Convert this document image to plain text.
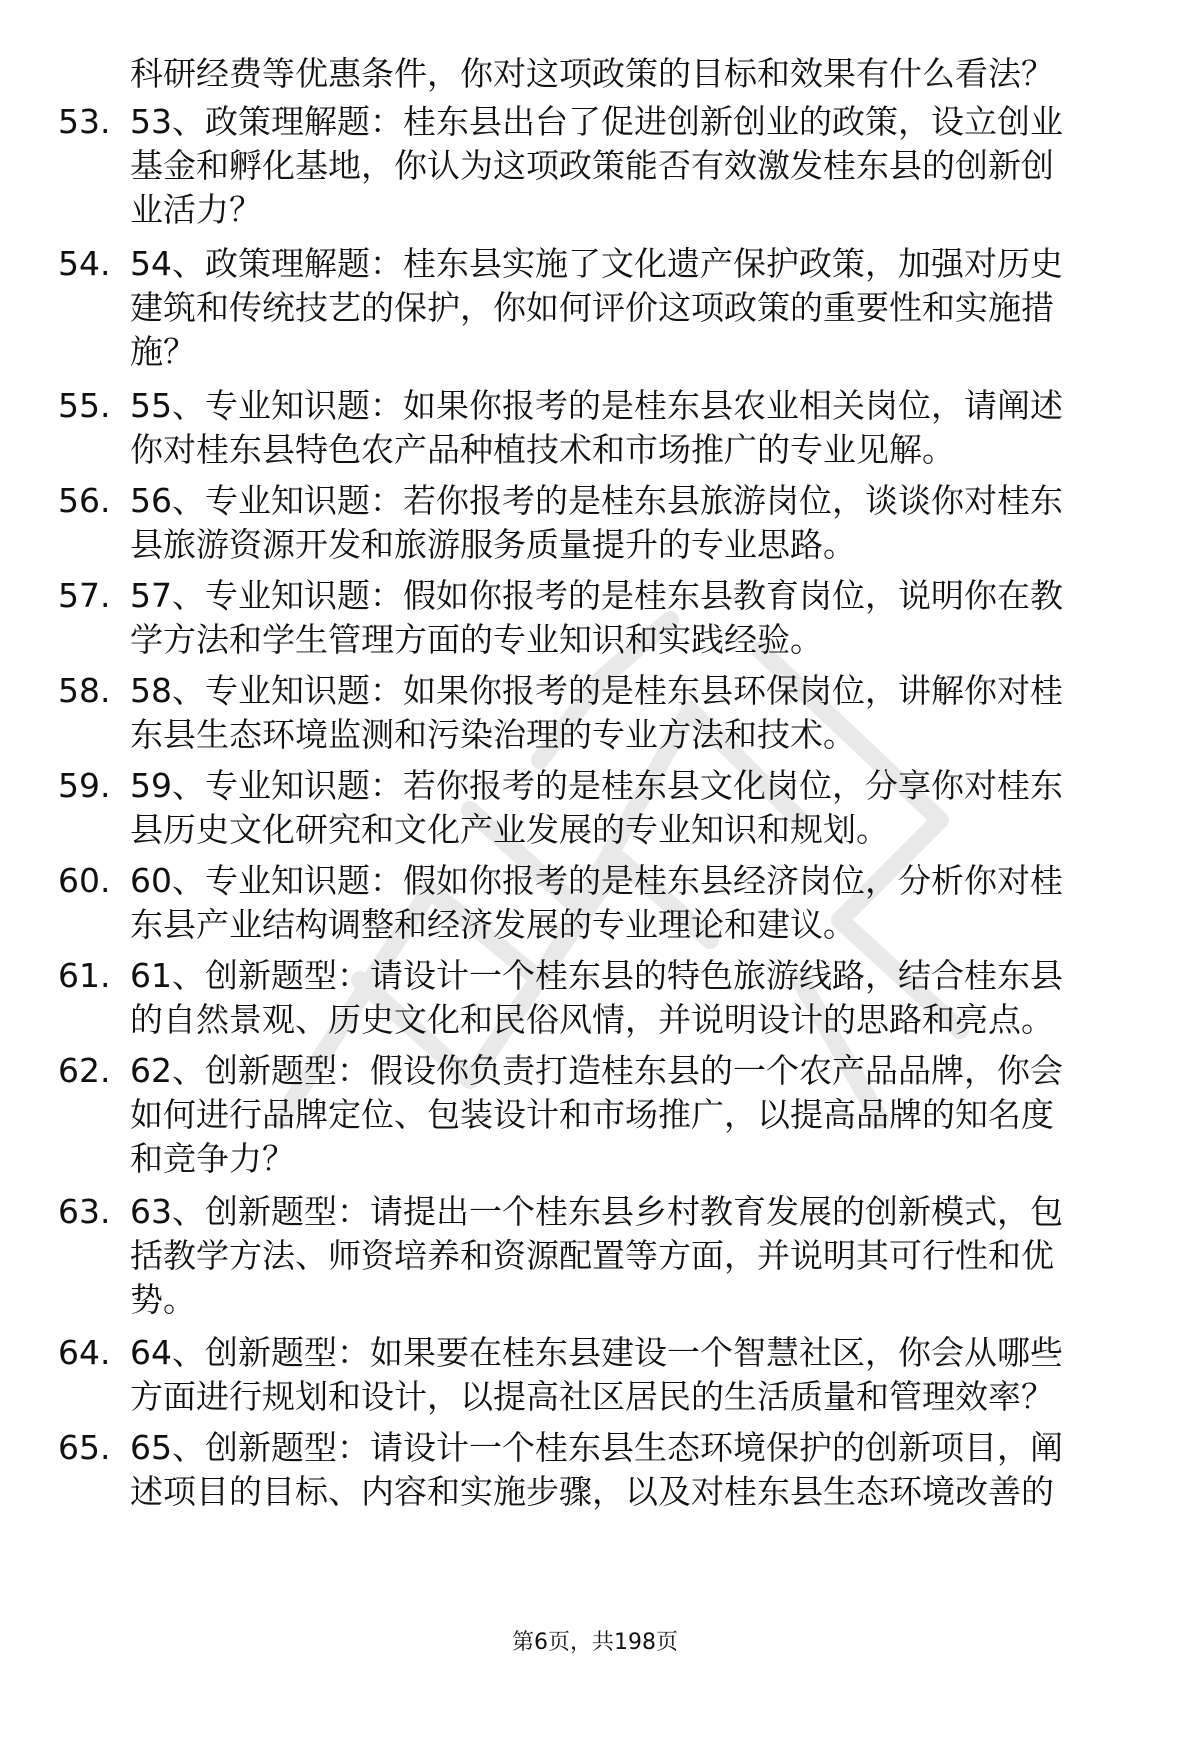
科研经费等优惠条件，你对这项政策的目标和效果有什么看法？
53. 53、政策理解题：桂东县出台了促进创新创业的政策，设立创业
基金和孵化基地，你认为这项政策能否有效激发桂东县的创新创
业活力？
54. 54、政策理解题：桂东县实施了文化遗产保护政策，加强对历史
建筑和传统技艺的保护，你如何评价这项政策的重要性和实施措
施？
55. 55、专业知识题：如果你报考的是桂东县农业相关岗位，请阐述
你对桂东县特色农产品种植技术和市场推广的专业见解。
56. 56、专业知识题：若你报考的是桂东县旅游岗位，谈谈你对桂东
县旅游资源开发和旅游服务质量提升的专业思路。
57. 57、专业知识题：假如你报考的是桂东县教育岗位，说明你在教
学方法和学生管理方面的专业知识和实践经验。
58. 58、专业知识题：如果你报考的是桂东县环保岗位，讲解你对桂
东县生态环境监测和污染治理的专业方法和技术。
59. 59、专业知识题：若你报考的是桂东县文化岗位，分享你对桂东
县历史文化研究和文化产业发展的专业知识和规划。
60. 60、专业知识题：假如你报考的是桂东县经济岗位，分析你对桂
东县产业结构调整和经济发展的专业理论和建议。
61. 61、创新题型：请设计一个桂东县的特色旅游线路，结合桂东县
的自然景观、历史文化和民俗风情，并说明设计的思路和亮点。
62. 62、创新题型：假设你负责打造桂东县的一个农产品品牌，你会
如何进行品牌定位、包装设计和市场推广，以提高品牌的知名度
和竞争力？
63. 63、创新题型：请提出一个桂东县乡村教育发展的创新模式，包
括教学方法、师资培养和资源配置等方面，并说明其可行性和优
势。
64. 64、创新题型：如果要在桂东县建设一个智慧社区，你会从哪些
方面进行规划和设计，以提高社区居民的生活质量和管理效率？
65. 65、创新题型：请设计一个桂东县生态环境保护的创新项目，阐
述项目的目标、内容和实施步骤，以及对桂东县生态环境改善的
第6页，共198页
